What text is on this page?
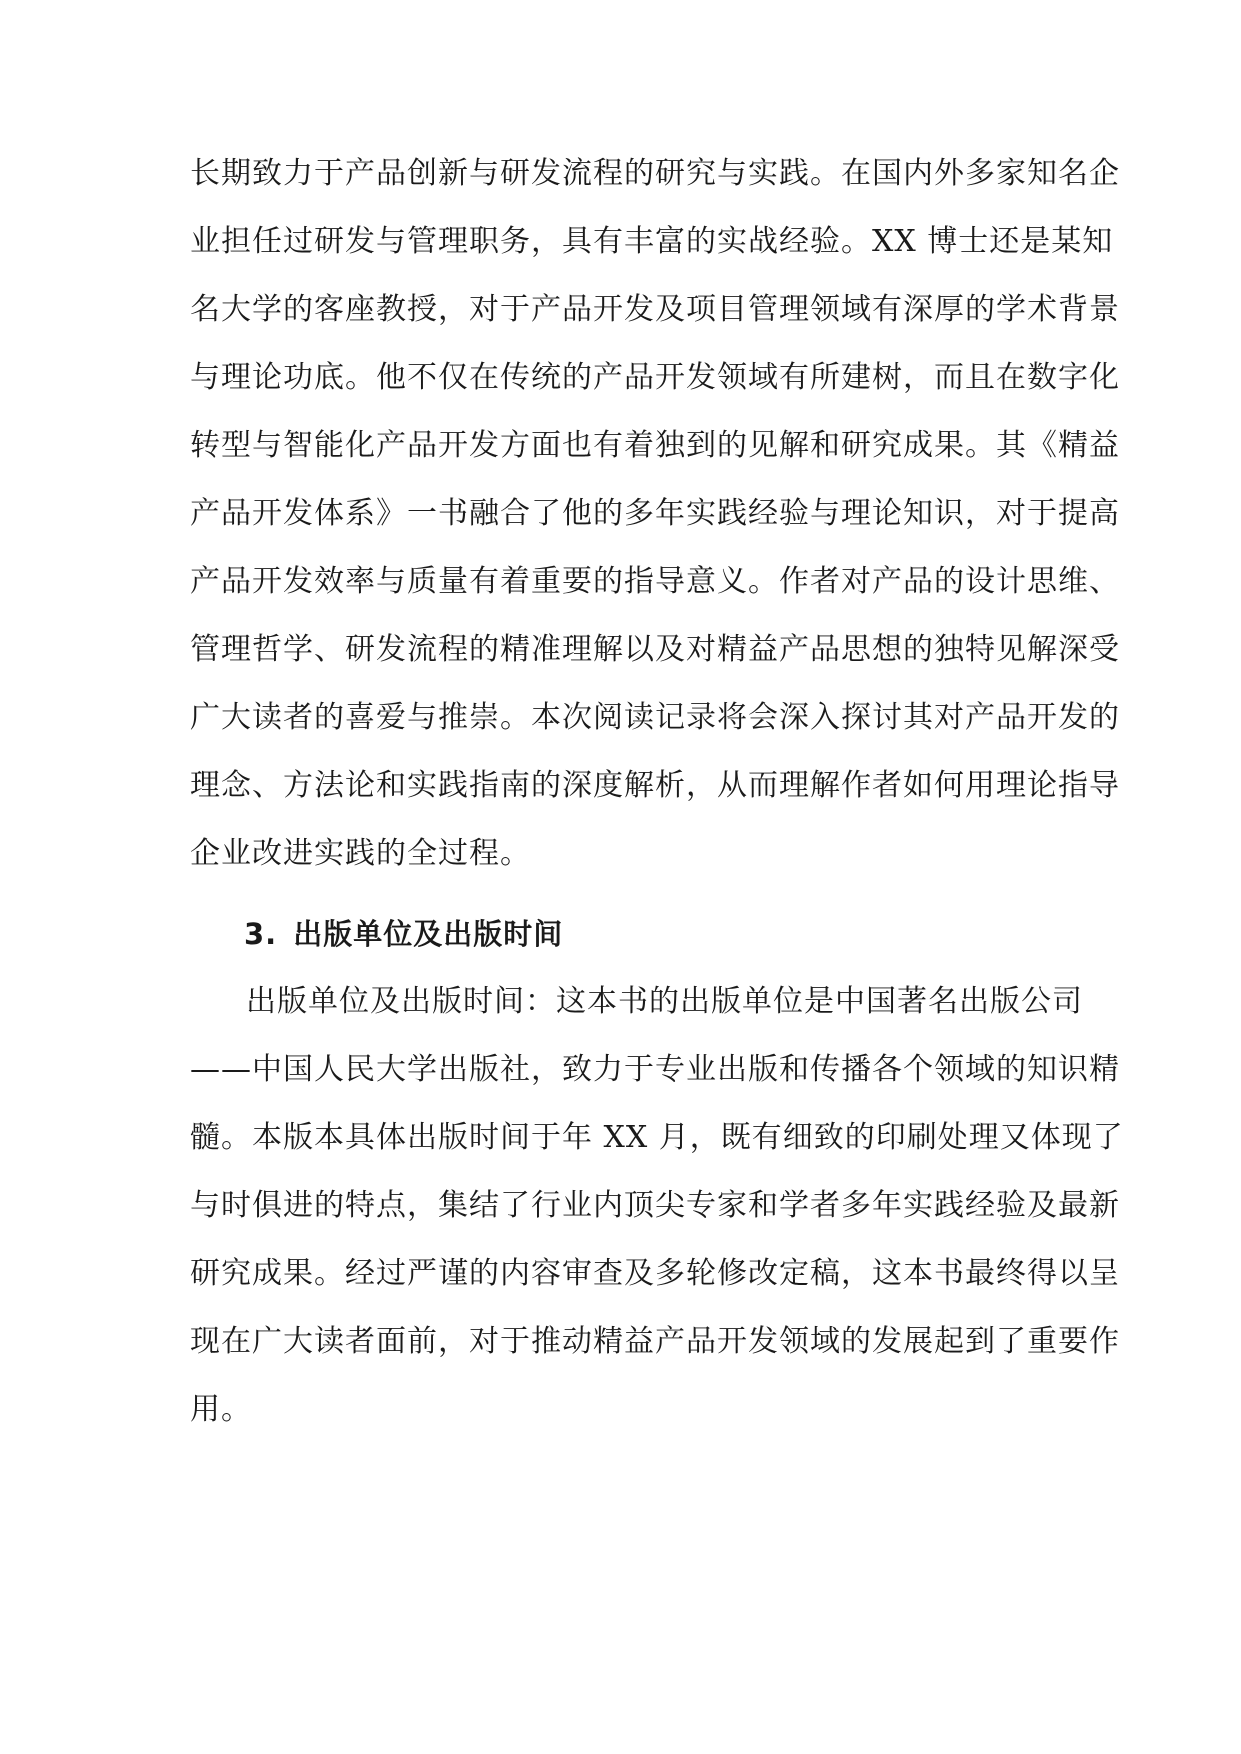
长期致力于产品创新与研发流程的研究与实践。在国内外多家知名企
业担任过研发与管理职务，具有丰富的实战经验。XX 博士还是某知
名大学的客座教授，对于产品开发及项目管理领域有深厚的学术背景
与理论功底。他不仅在传统的产品开发领域有所建树，而且在数字化
转型与智能化产品开发方面也有着独到的见解和研究成果。其《精益
产品开发体系》一书融合了他的多年实践经验与理论知识，对于提高
产品开发效率与质量有着重要的指导意义。作者对产品的设计思维、
管理哲学、研发流程的精准理解以及对精益产品思想的独特见解深受
广大读者的喜爱与推崇。本次阅读记录将会深入探讨其对产品开发的
理念、方法论和实践指南的深度解析，从而理解作者如何用理论指导
企业改进实践的全过程。
3. 出版单位及出版时间
出版单位及出版时间：这本书的出版单位是中国著名出版公司
——中国人民大学出版社，致力于专业出版和传播各个领域的知识精
髓。本版本具体出版时间于年 XX 月，既有细致的印刷处理又体现了
与时俱进的特点，集结了行业内顶尖专家和学者多年实践经验及最新
研究成果。经过严谨的内容审查及多轮修改定稿，这本书最终得以呈
现在广大读者面前，对于推动精益产品开发领域的发展起到了重要作
用。
